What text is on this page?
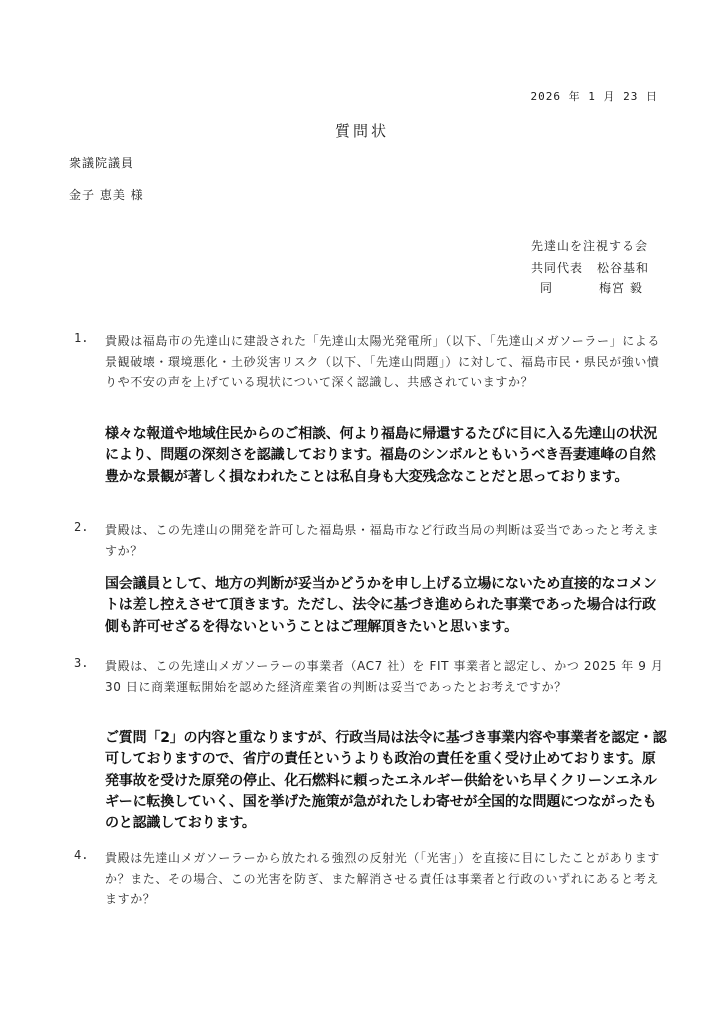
2026 年 1 月 23 日
質問状
衆議院議員
金子 恵美 様
先達山を注視する会
共同代表 松谷基和
同	梅宮 毅
1. 貴殿は福島市の先達山に建設された「先達山太陽光発電所」（以下、「先達山メガソーラー」による景観破壊・環境悪化・土砂災害リスク（以下、「先達山問題」）に対して、福島市民・県民が強い憤りや不安の声を上げている現状について深く認識し、共感されていますか？
様々な報道や地域住民からのご相談、何より福島に帰還するたびに目に入る先達山の状況により、問題の深刻さを認識しております。福島のシンボルともいうべき吾妻連峰の自然豊かな景観が著しく損なわれたことは私自身も大変残念なことだと思っております。
2. 貴殿は、この先達山の開発を許可した福島県・福島市など行政当局の判断は妥当であったと考えますか？
国会議員として、地方の判断が妥当かどうかを申し上げる立場にないため直接的なコメントは差し控えさせて頂きます。ただし、法令に基づき進められた事業であった場合は行政側も許可せざるを得ないということはご理解頂きたいと思います。
3. 貴殿は、この先達山メガソーラーの事業者（AC7 社）を FIT 事業者と認定し、かつ 2025 年 9 月 30 日に商業運転開始を認めた経済産業省の判断は妥当であったとお考えですか？
ご質問「2」の内容と重なりますが、行政当局は法令に基づき事業内容や事業者を認定・認可しておりますので、省庁の責任というよりも政治の責任を重く受け止めております。原発事故を受けた原発の停止、化石燃料に頼ったエネルギー供給をいち早くクリーンエネルギーに転換していく、国を挙げた施策が急がれたしわ寄せが全国的な問題につながったものと認識しております。
4. 貴殿は先達山メガソーラーから放たれる強烈の反射光（「光害」）を直接に目にしたことがありますか？また、その場合、この光害を防ぎ、また解消させる責任は事業者と行政のいずれにあると考えますか？
